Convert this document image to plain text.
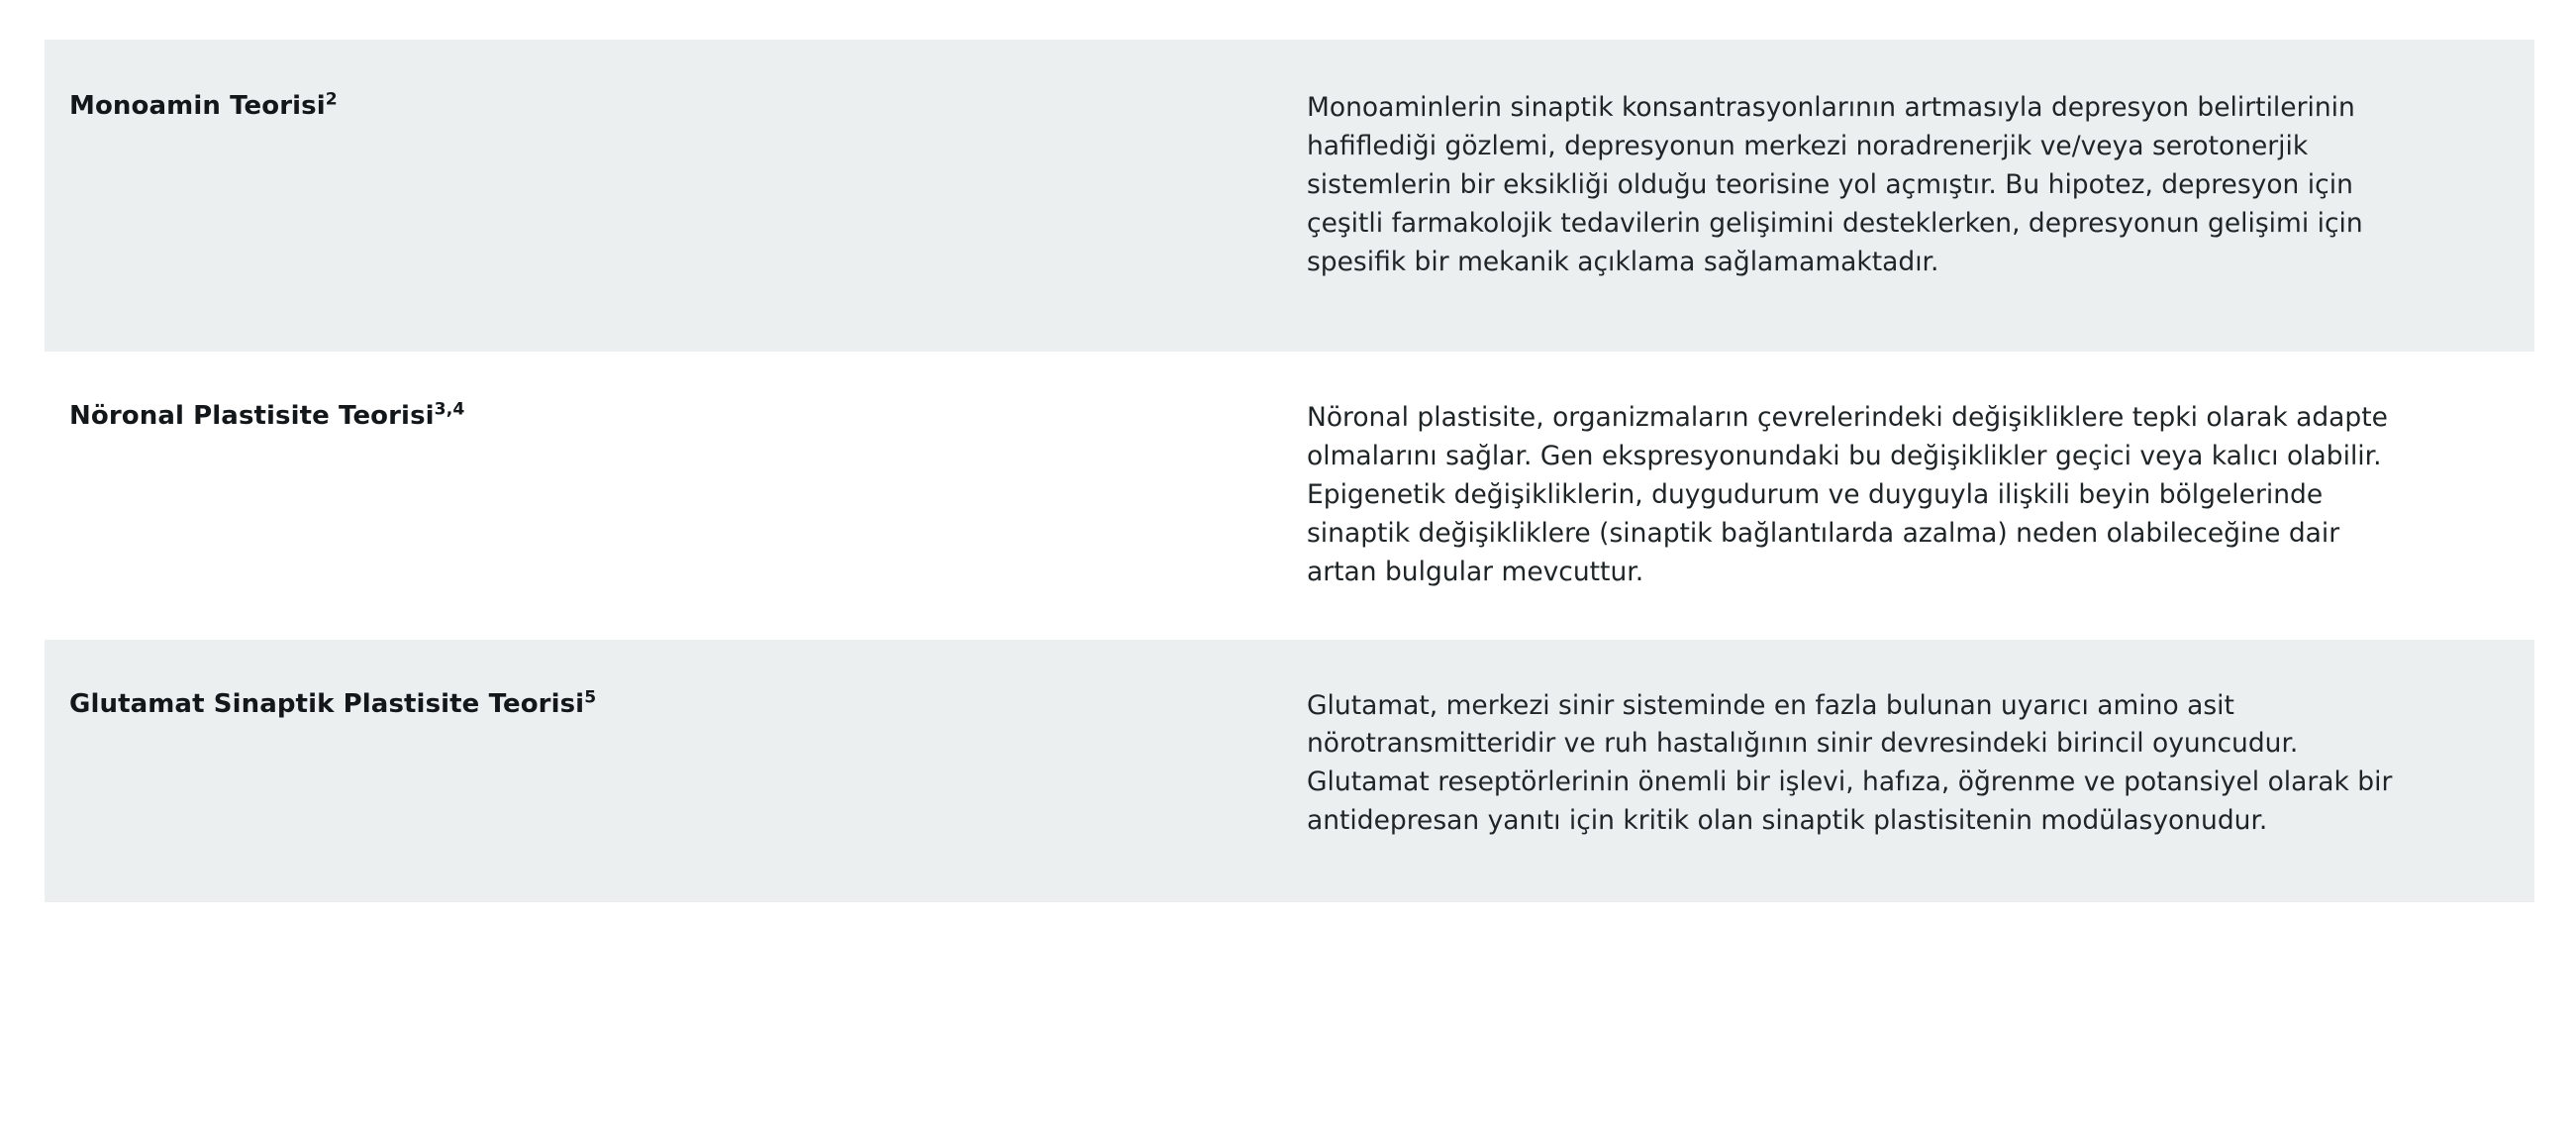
Monoamin Teorisi$^2$	Monoaminlerin sinaptik konsantrasyonlarının artmasıyla depresyon belirtilerinin hafiflediği gözlemi, depresyonun merkezi noradrenerjik ve/veya serotonerjik sistemlerin bir eksikliği olduğu teorisine yol açmıştır. Bu hipotez, depresyon için çeşitli farmakolojik tedavilerin gelişimini desteklerken, depresyonun gelişimi için spesifik bir mekanik açıklama sağlamamaktadır.
Nöronal Plastisite Teorisi$^{3,4}$	Nöronal plastisite, organizmaların çevrelerindeki değişikliklere tepki olarak adapte olmalarını sağlar. Gen ekspresyonundaki bu değişiklikler geçici veya kalıcı olabilir. Epigenetik değişikliklerin, duygudurum ve duyguyla ilişkili beyin bölgelerinde sinaptik değişikliklere (sinaptik bağlantılarda azalma) neden olabileceğine dair artan bulgular mevcuttur.
Glutamat Sinaptik Plastisite Teorisi$^5$	Glutamat, merkezi sinir sisteminde en fazla bulunan uyarıcı amino asit nörotransmitteridir ve ruh hastalığının sinir devresindeki birincil oyuncudur. Glutamat reseptörlerinin önemli bir işlevi, hafıza, öğrenme ve potansiyel olarak bir antidepresan yanıtı için kritik olan sinaptik plastisitenin modülasyonudur.
